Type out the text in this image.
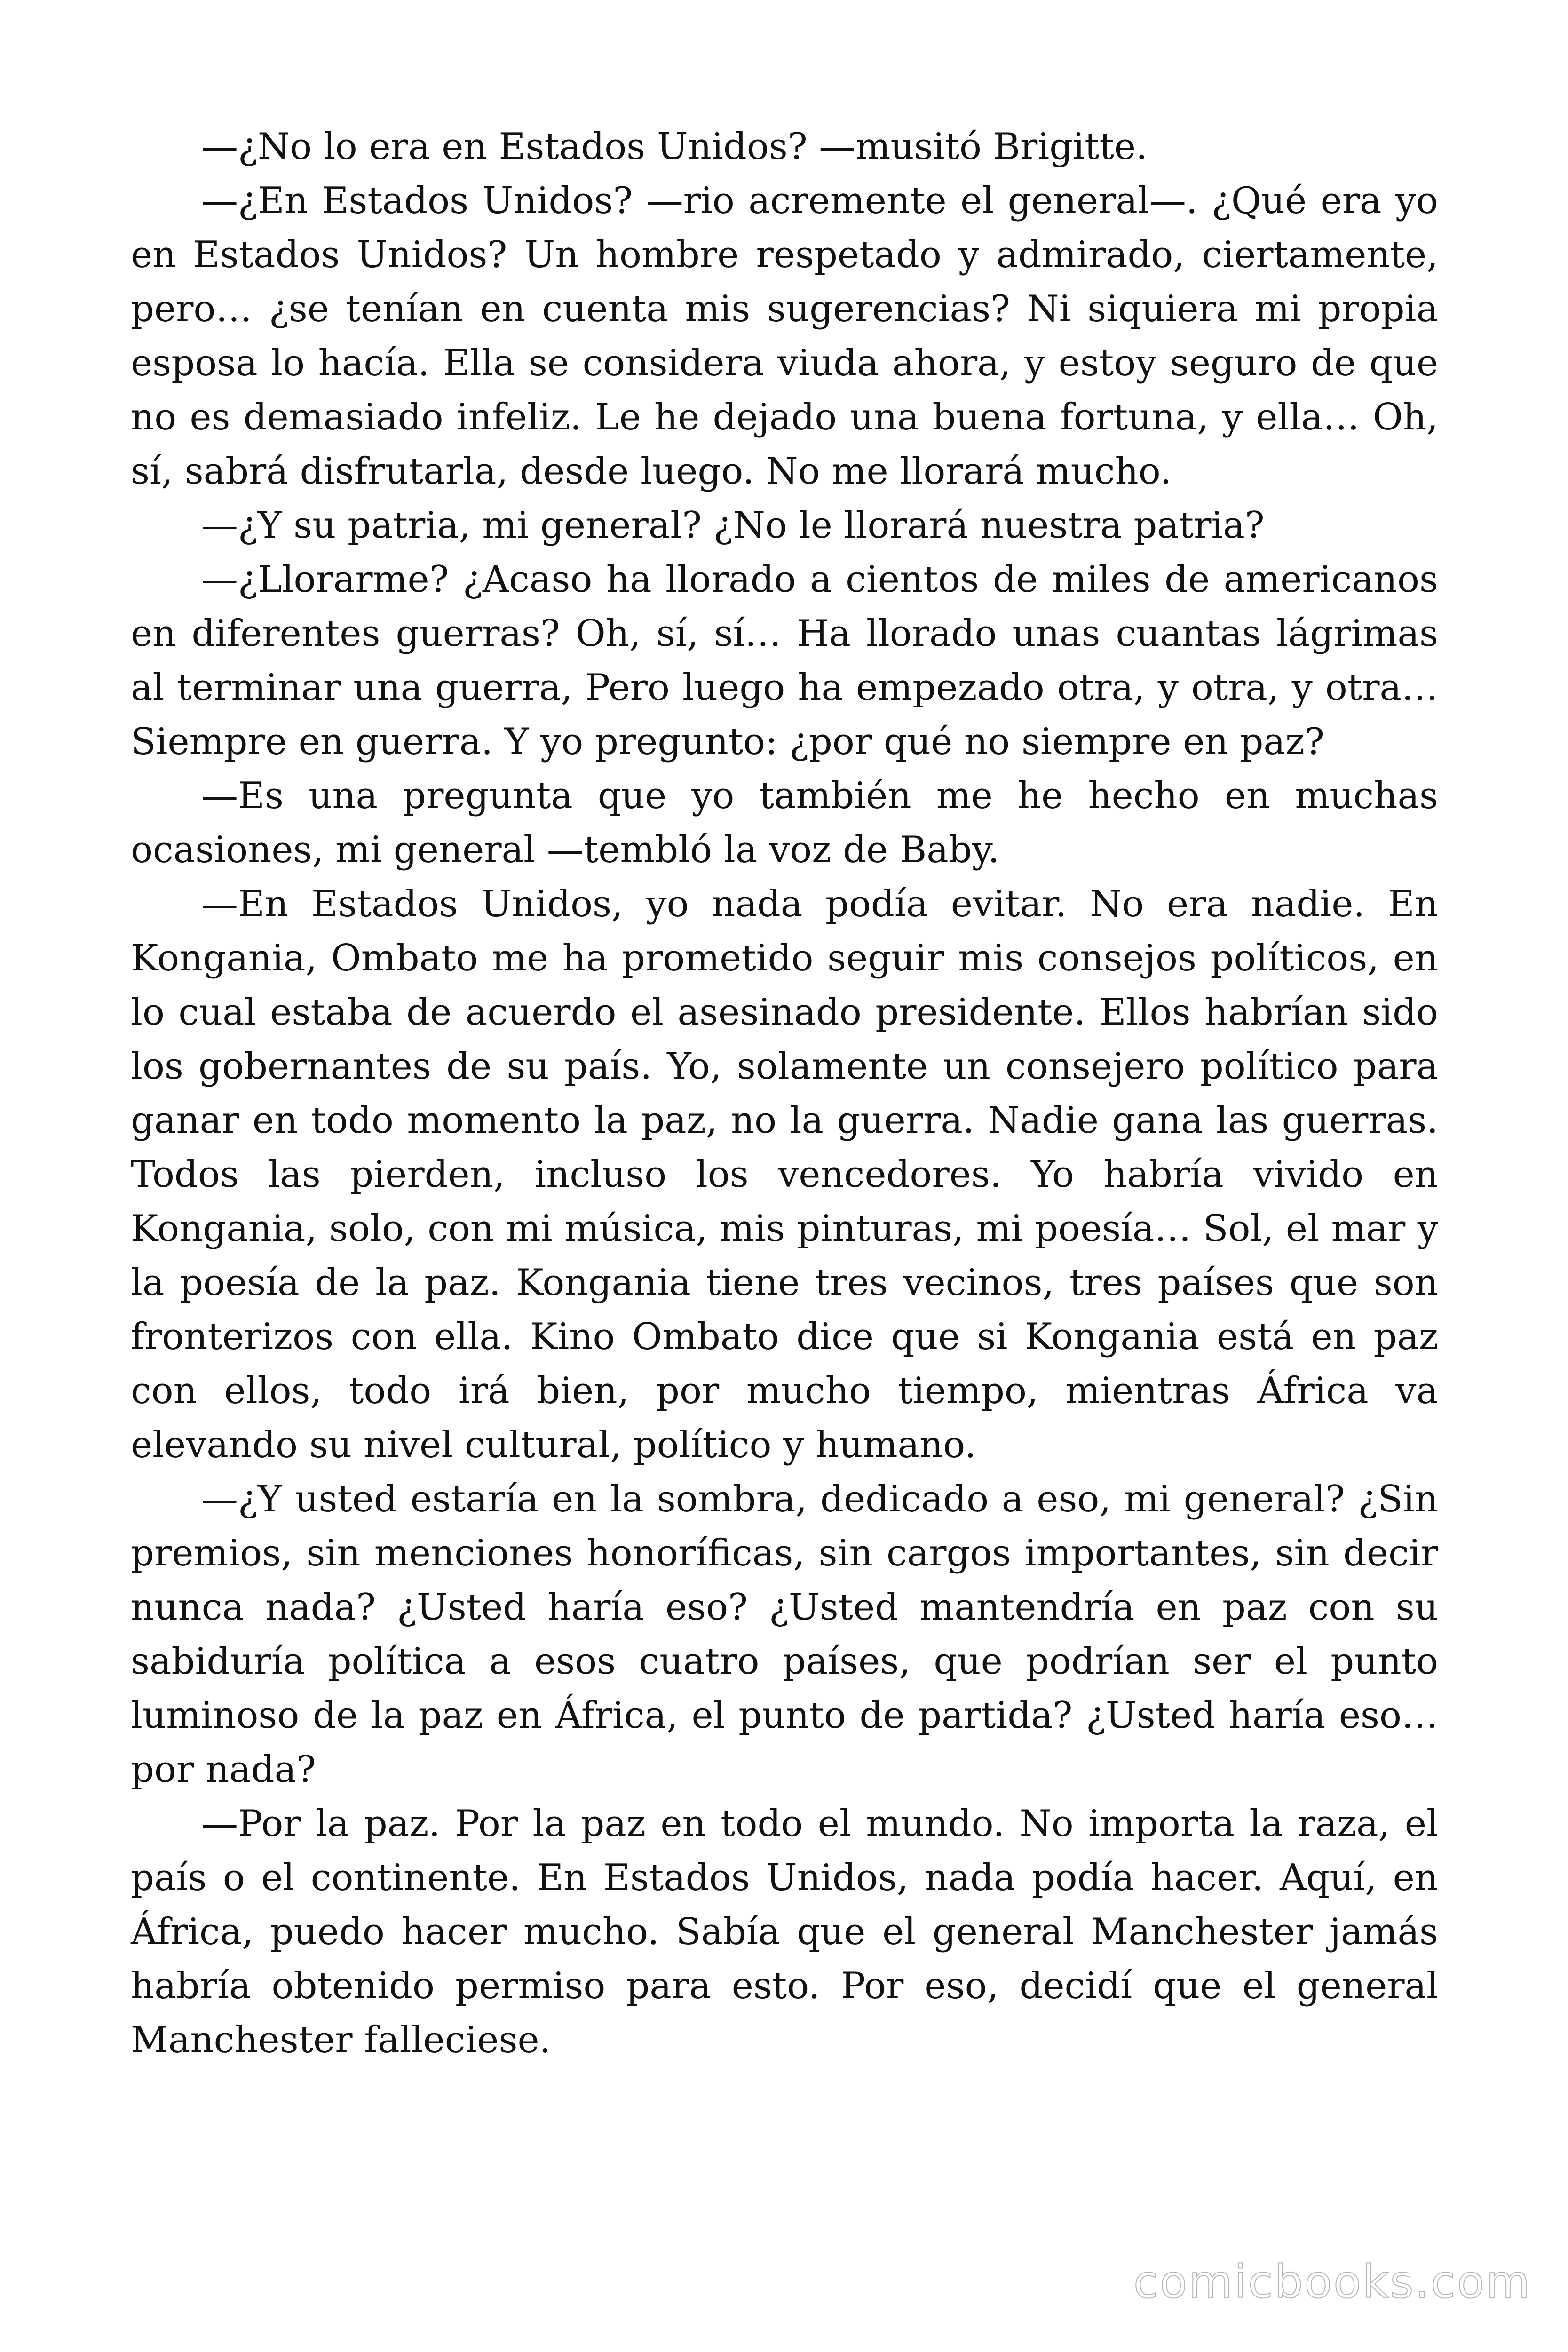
—¿No lo era en Estados Unidos? —musitó Brigitte.

—¿En Estados Unidos? —rio acremente el general—. ¿Qué era yo en Estados Unidos? Un hombre respetado y admirado, ciertamente, pero… ¿se tenían en cuenta mis sugerencias? Ni siquiera mi propia esposa lo hacía. Ella se considera viuda ahora, y estoy seguro de que no es demasiado infeliz. Le he dejado una buena fortuna, y ella… Oh, sí, sabrá disfrutarla, desde luego. No me llorará mucho.

—¿Y su patria, mi general? ¿No le llorará nuestra patria?

—¿Llorarme? ¿Acaso ha llorado a cientos de miles de americanos en diferentes guerras? Oh, sí, sí… Ha llorado unas cuantas lágrimas al terminar una guerra, Pero luego ha empezado otra, y otra, y otra… Siempre en guerra. Y yo pregunto: ¿por qué no siempre en paz?

—Es una pregunta que yo también me he hecho en muchas ocasiones, mi general —tembló la voz de Baby.

—En Estados Unidos, yo nada podía evitar. No era nadie. En Kongania, Ombato me ha prometido seguir mis consejos políticos, en lo cual estaba de acuerdo el asesinado presidente. Ellos habrían sido los gobernantes de su país. Yo, solamente un consejero político para ganar en todo momento la paz, no la guerra. Nadie gana las guerras. Todos las pierden, incluso los vencedores. Yo habría vivido en Kongania, solo, con mi música, mis pinturas, mi poesía… Sol, el mar y la poesía de la paz. Kongania tiene tres vecinos, tres países que son fronterizos con ella. Kino Ombato dice que si Kongania está en paz con ellos, todo irá bien, por mucho tiempo, mientras África va elevando su nivel cultural, político y humano.

—¿Y usted estaría en la sombra, dedicado a eso, mi general? ¿Sin premios, sin menciones honoríficas, sin cargos importantes, sin decir nunca nada? ¿Usted haría eso? ¿Usted mantendría en paz con su sabiduría política a esos cuatro países, que podrían ser el punto luminoso de la paz en África, el punto de partida? ¿Usted haría eso… por nada?

—Por la paz. Por la paz en todo el mundo. No importa la raza, el país o el continente. En Estados Unidos, nada podía hacer. Aquí, en África, puedo hacer mucho. Sabía que el general Manchester jamás habría obtenido permiso para esto. Por eso, decidí que el general Manchester falleciese.

comicbooks.com
